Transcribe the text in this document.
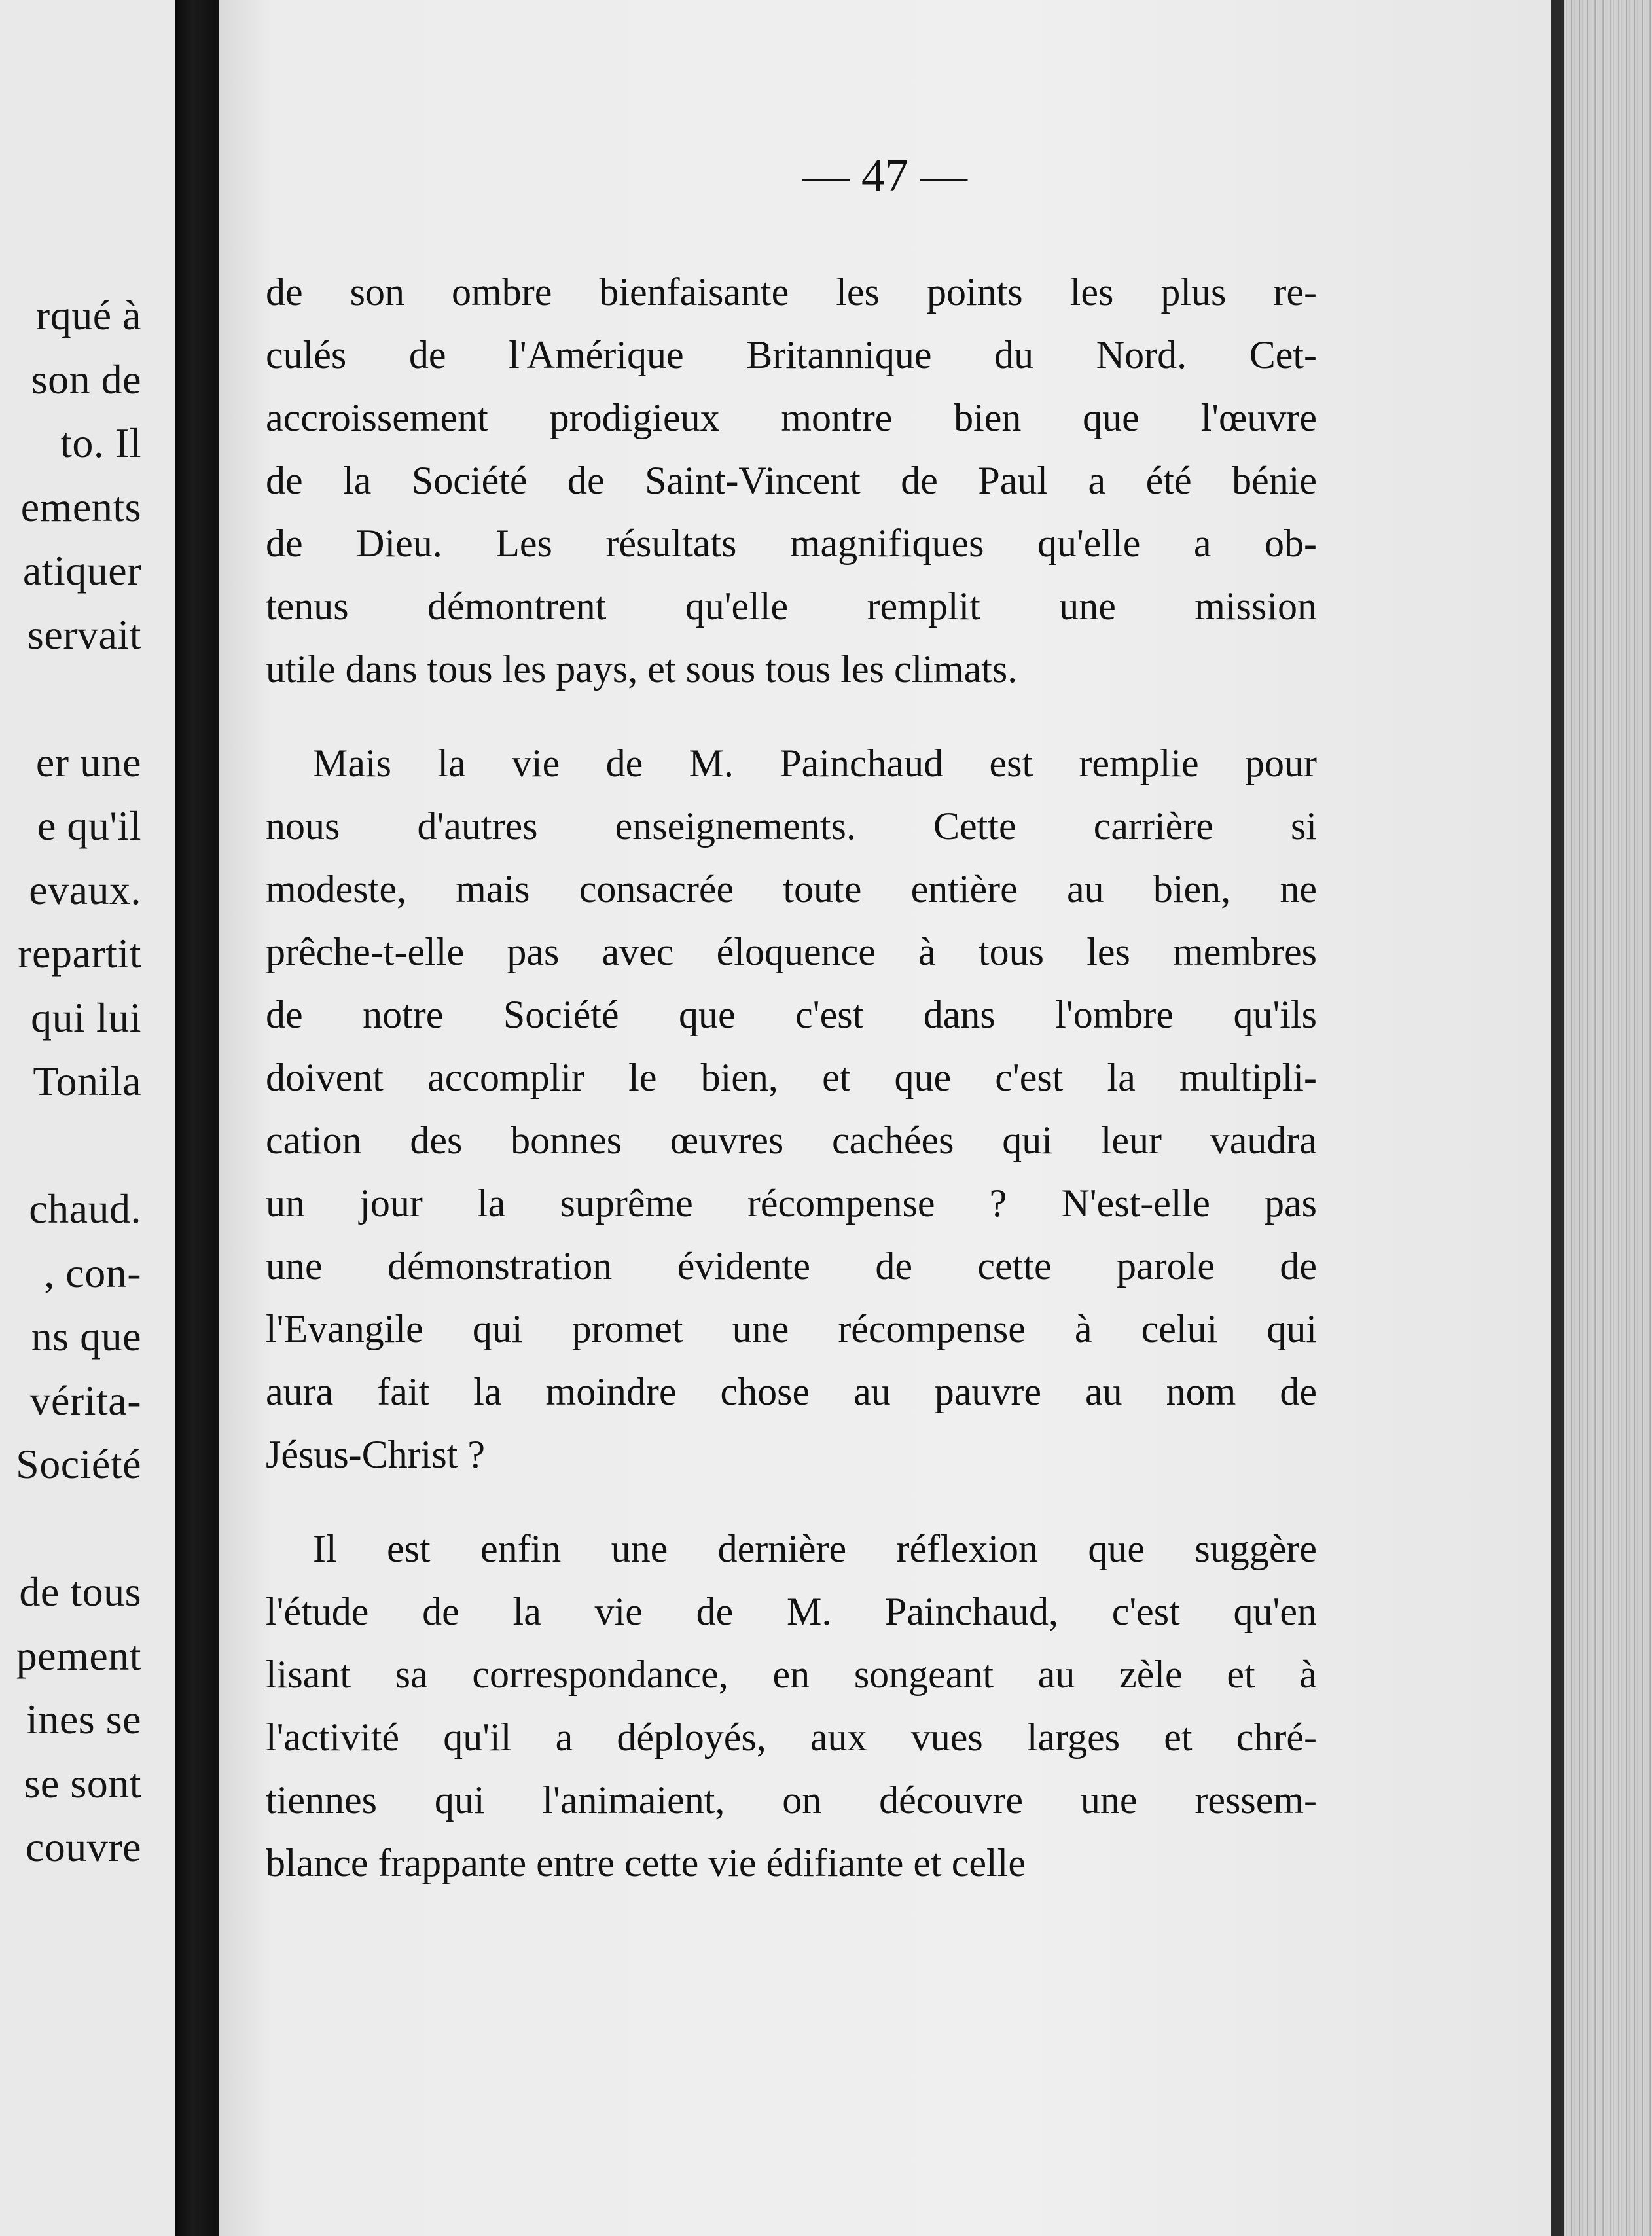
rqué à
son de
to. Il
ements
atiquer
servait
er une
e qu'il
evaux.
repartit
qui lui
Tonila
chaud.
, con-
ns que
vérita-
Société
de tous
pement
ines se
se sont
couvre
— 47 —
de son ombre bienfaisante les points les plus re-
culés de l'Amérique Britannique du Nord. Cet-
accroissement prodigieux montre bien que l'œuvre
de la Société de Saint-Vincent de Paul a été bénie
de Dieu. Les résultats magnifiques qu'elle a ob-
tenus démontrent qu'elle remplit une mission
utile dans tous les pays, et sous tous les climats.
Mais la vie de M. Painchaud est remplie pour
nous d'autres enseignements. Cette carrière si
modeste, mais consacrée toute entière au bien, ne
prêche-t-elle pas avec éloquence à tous les membres
de notre Société que c'est dans l'ombre qu'ils
doivent accomplir le bien, et que c'est la multipli-
cation des bonnes œuvres cachées qui leur vaudra
un jour la suprême récompense ? N'est-elle pas
une démonstration évidente de cette parole de
l'Evangile qui promet une récompense à celui qui
aura fait la moindre chose au pauvre au nom de
Jésus-Christ ?
Il est enfin une dernière réflexion que suggère
l'étude de la vie de M. Painchaud, c'est qu'en
lisant sa correspondance, en songeant au zèle et à
l'activité qu'il a déployés, aux vues larges et chré-
tiennes qui l'animaient, on découvre une ressem-
blance frappante entre cette vie édifiante et celle
